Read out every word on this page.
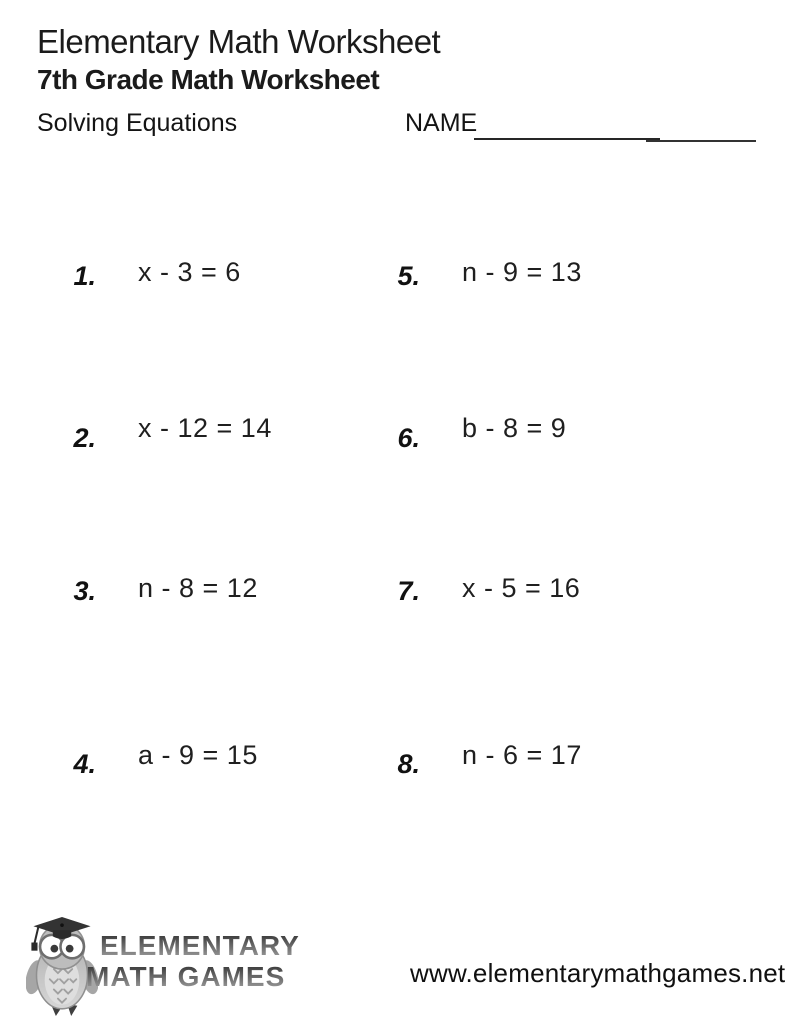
Elementary Math Worksheet
7th Grade Math Worksheet
Solving Equations	NAME
1. x - 3 = 6	5. n - 9 = 13
2. x - 12 = 14	6. b - 8 = 9
3. n - 8 = 12	7. x - 5 = 16
4. a - 9 = 15	8. n - 6 = 17
ELEMENTARY
MATH GAMES	www.elementarymathgames.net
